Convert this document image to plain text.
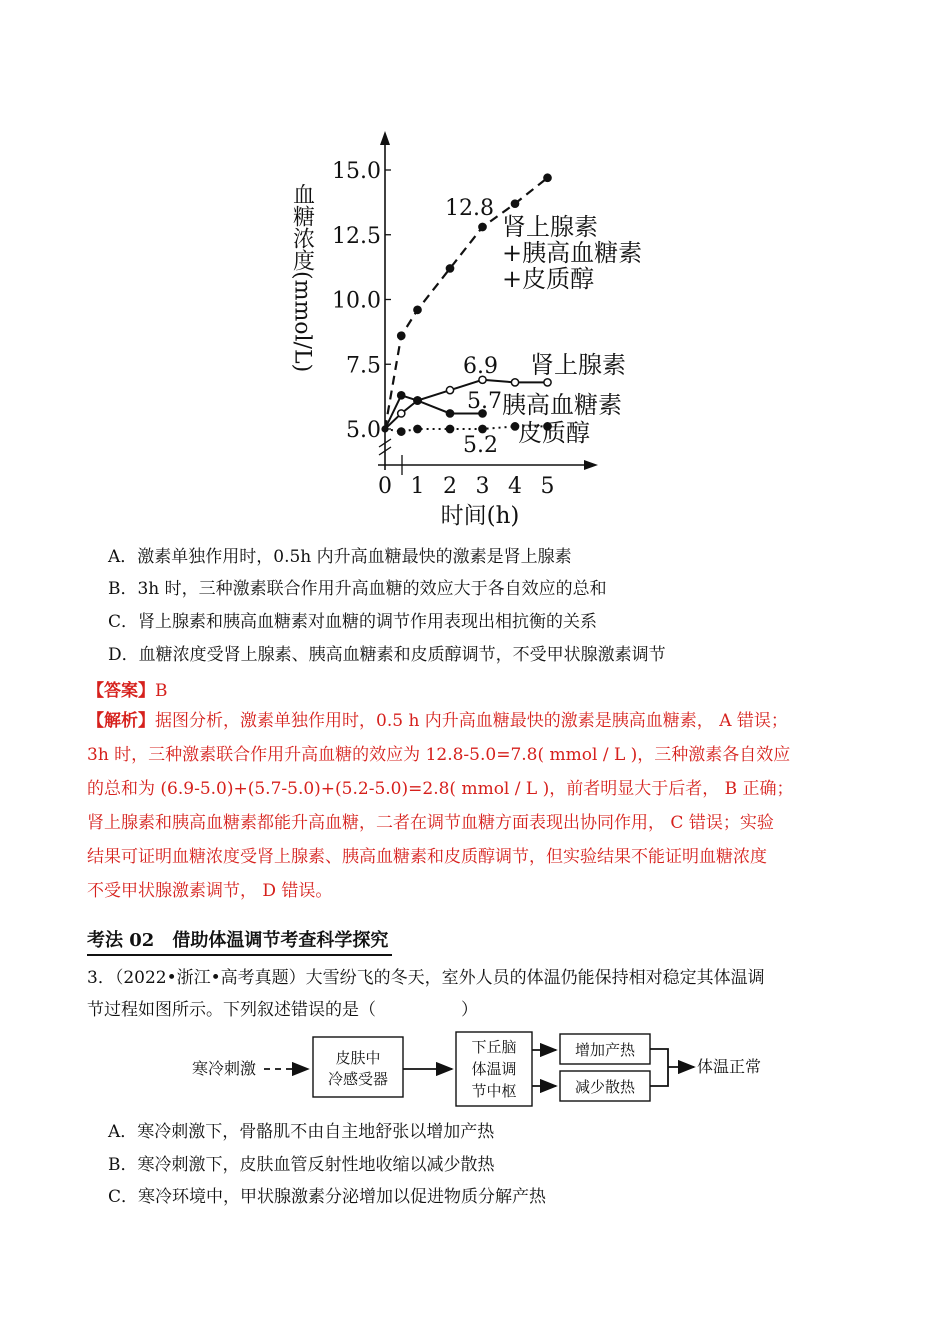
5.0
7.5
10.0
12.5
15.0
0 1 2 3 4 5
血糖浓度(mmol/L)
时间(h)
肾上腺素
+胰高血糖素
+皮质醇
肾上腺素
胰高血糖素
皮质醇
12.8
6.9
5.7
5.2
A．激素单独作用时，0.5h 内升高血糖最快的激素是肾上腺素
B．3h 时，三种激素联合作用升高血糖的效应大于各自效应的总和
C．肾上腺素和胰高血糖素对血糖的调节作用表现出相抗衡的关系
D．血糖浓度受肾上腺素、胰高血糖素和皮质醇调节，不受甲状腺激素调节
【答案】B

【解析】据图分析，激素单独作用时，0.5 h 内升高血糖最快的激素是胰高血糖素， A 错误；

3h 时，三种激素联合作用升高血糖的效应为 12.8-5.0=7.8( mmol / L )，三种激素各自效应

的总和为 (6.9-5.0)+(5.7-5.0)+(5.2-5.0)=2.8( mmol / L )，前者明显大于后者， B 正确；

肾上腺素和胰高血糖素都能升高血糖，二者在调节血糖方面表现出协同作用， C 错误；实验

结果可证明血糖浓度受肾上腺素、胰高血糖素和皮质醇调节，但实验结果不能证明血糖浓度

不受甲状腺激素调节， D 错误。

考法 02　借助体温调节考查科学探究

3．（2022•浙江•高考真题）大雪纷飞的冬天，室外人员的体温仍能保持相对稳定其体温调

节过程如图所示。下列叙述错误的是（　　　　　）

寒冷刺激
皮肤中
冷感受器
下丘脑
体温调
节中枢
增加产热
减少散热
体温正常
A．寒冷刺激下，骨骼肌不由自主地舒张以增加产热
B．寒冷刺激下，皮肤血管反射性地收缩以减少散热
C．寒冷环境中，甲状腺激素分泌增加以促进物质分解产热
